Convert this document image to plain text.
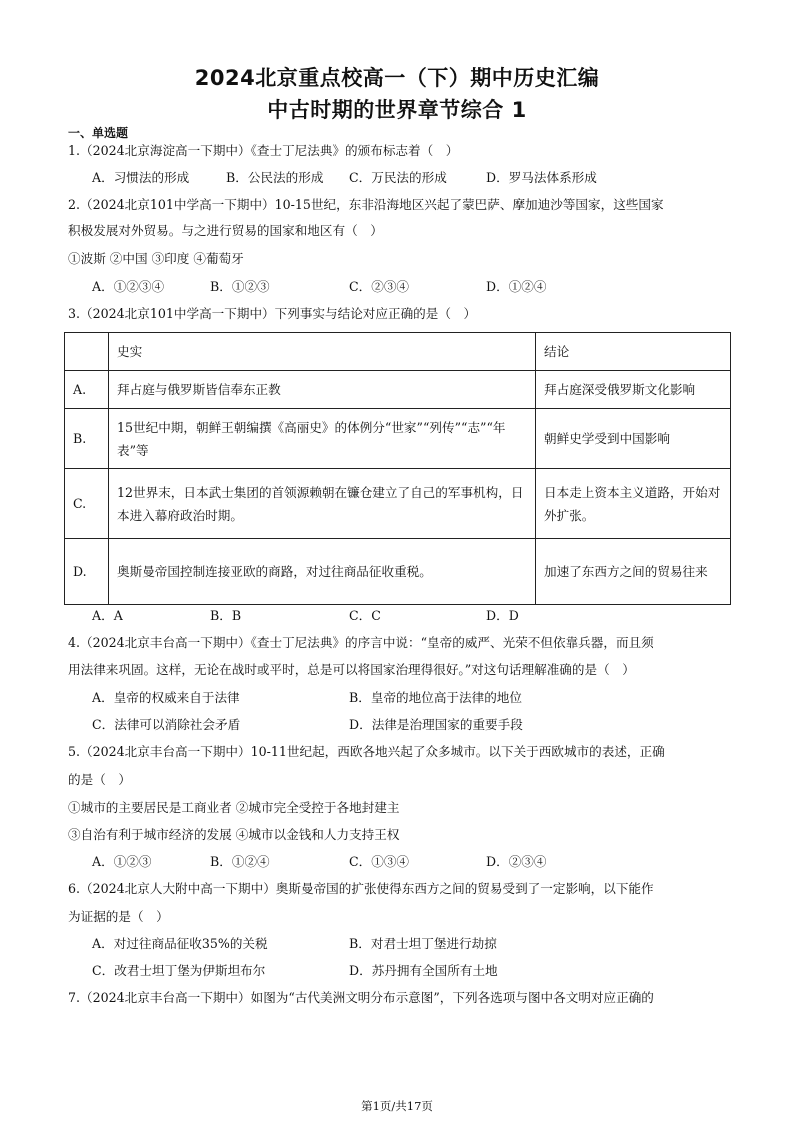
2024北京重点校高一（下）期中历史汇编
中古时期的世界章节综合 1
一、单选题
1.（2024北京海淀高一下期中）《查士丁尼法典》的颁布标志着（　）
A．习惯法的形成	B．公民法的形成 C．万民法的形成	D．罗马法体系形成
2.（2024北京101中学高一下期中）10-15世纪，东非沿海地区兴起了蒙巴萨、摩加迪沙等国家，这些国家
积极发展对外贸易。与之进行贸易的国家和地区有（　）
①波斯 ②中国 ③印度 ④葡萄牙
A．①②③④	B．①②③	C．②③④	D．①②④
3.（2024北京101中学高一下期中）下列事实与结论对应正确的是（　）
	史实	结论
A.	拜占庭与俄罗斯皆信奉东正教	拜占庭深受俄罗斯文化影响
B.	15世纪中期，朝鲜王朝编撰《高丽史》的体例分“世家”“列传”“志”“年表”等	朝鲜史学受到中国影响
C.	12世界末，日本武士集团的首领源赖朝在镰仓建立了自己的军事机构，日本进入幕府政治时期。	日本走上资本主义道路，开始对外扩张。
D.	奥斯曼帝国控制连接亚欧的商路，对过往商品征收重税。	加速了东西方之间的贸易往来
A．A	B．B	C．C	D．D
4.（2024北京丰台高一下期中）《查士丁尼法典》的序言中说：“皇帝的威严、光荣不但依靠兵器，而且须
用法律来巩固。这样，无论在战时或平时，总是可以将国家治理得很好。”对这句话理解准确的是（　）
A．皇帝的权威来自于法律	B．皇帝的地位高于法律的地位
C．法律可以消除社会矛盾	D．法律是治理国家的重要手段
5.（2024北京丰台高一下期中）10-11世纪起，西欧各地兴起了众多城市。以下关于西欧城市的表述，正确
的是（　）
①城市的主要居民是工商业者 ②城市完全受控于各地封建主
③自治有利于城市经济的发展 ④城市以金钱和人力支持王权
A．①②③	B．①②④	C．①③④	D．②③④
6.（2024北京人大附中高一下期中）奥斯曼帝国的扩张使得东西方之间的贸易受到了一定影响，以下能作
为证据的是（　）
A．对过往商品征收35%的关税	B．对君士坦丁堡进行劫掠
C．改君士坦丁堡为伊斯坦布尔	D．苏丹拥有全国所有土地
7.（2024北京丰台高一下期中）如图为“古代美洲文明分布示意图”，下列各选项与图中各文明对应正确的
第1页/共17页
